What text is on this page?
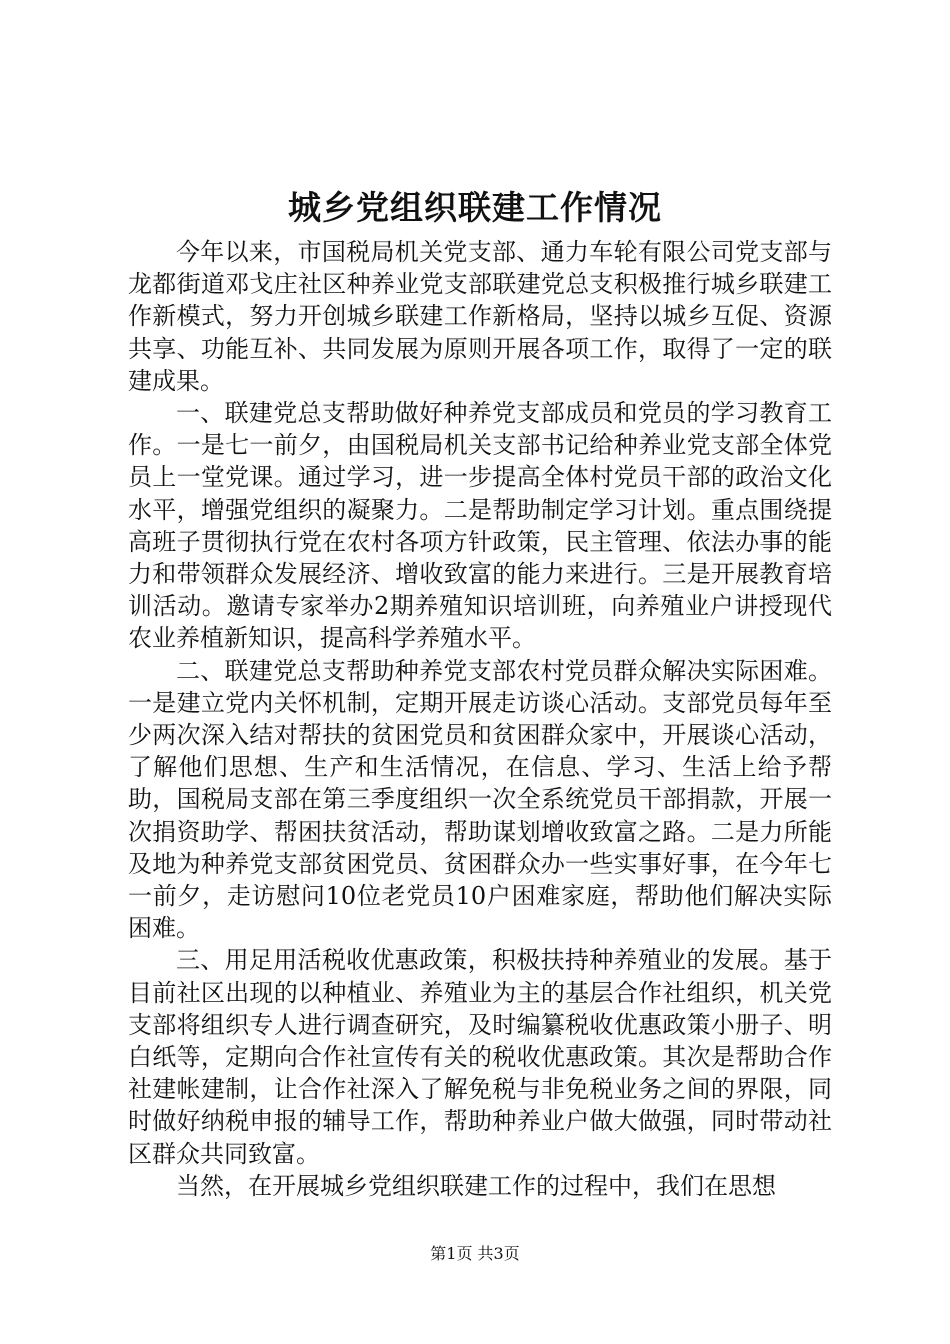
城乡党组织联建工作情况

今年以来，市国税局机关党支部、通力车轮有限公司党支部与龙都街道邓戈庄社区种养业党支部联建党总支积极推行城乡联建工作新模式，努力开创城乡联建工作新格局，坚持以城乡互促、资源共享、功能互补、共同发展为原则开展各项工作，取得了一定的联建成果。

一、联建党总支帮助做好种养党支部成员和党员的学习教育工作。一是七一前夕，由国税局机关支部书记给种养业党支部全体党员上一堂党课。通过学习，进一步提高全体村党员干部的政治文化水平，增强党组织的凝聚力。二是帮助制定学习计划。重点围绕提高班子贯彻执行党在农村各项方针政策，民主管理、依法办事的能力和带领群众发展经济、增收致富的能力来进行。三是开展教育培训活动。邀请专家举办2期养殖知识培训班，向养殖业户讲授现代农业养植新知识，提高科学养殖水平。

二、联建党总支帮助种养党支部农村党员群众解决实际困难。一是建立党内关怀机制，定期开展走访谈心活动。支部党员每年至少两次深入结对帮扶的贫困党员和贫困群众家中，开展谈心活动，了解他们思想、生产和生活情况，在信息、学习、生活上给予帮助，国税局支部在第三季度组织一次全系统党员干部捐款，开展一次捐资助学、帮困扶贫活动，帮助谋划增收致富之路。二是力所能及地为种养党支部贫困党员、贫困群众办一些实事好事，在今年七一前夕，走访慰问10位老党员10户困难家庭，帮助他们解决实际困难。

三、用足用活税收优惠政策，积极扶持种养殖业的发展。基于目前社区出现的以种植业、养殖业为主的基层合作社组织，机关党支部将组织专人进行调查研究，及时编纂税收优惠政策小册子、明白纸等，定期向合作社宣传有关的税收优惠政策。其次是帮助合作社建帐建制，让合作社深入了解免税与非免税业务之间的界限，同时做好纳税申报的辅导工作，帮助种养业户做大做强，同时带动社区群众共同致富。

当然，在开展城乡党组织联建工作的过程中，我们在思想

第1页 共3页
